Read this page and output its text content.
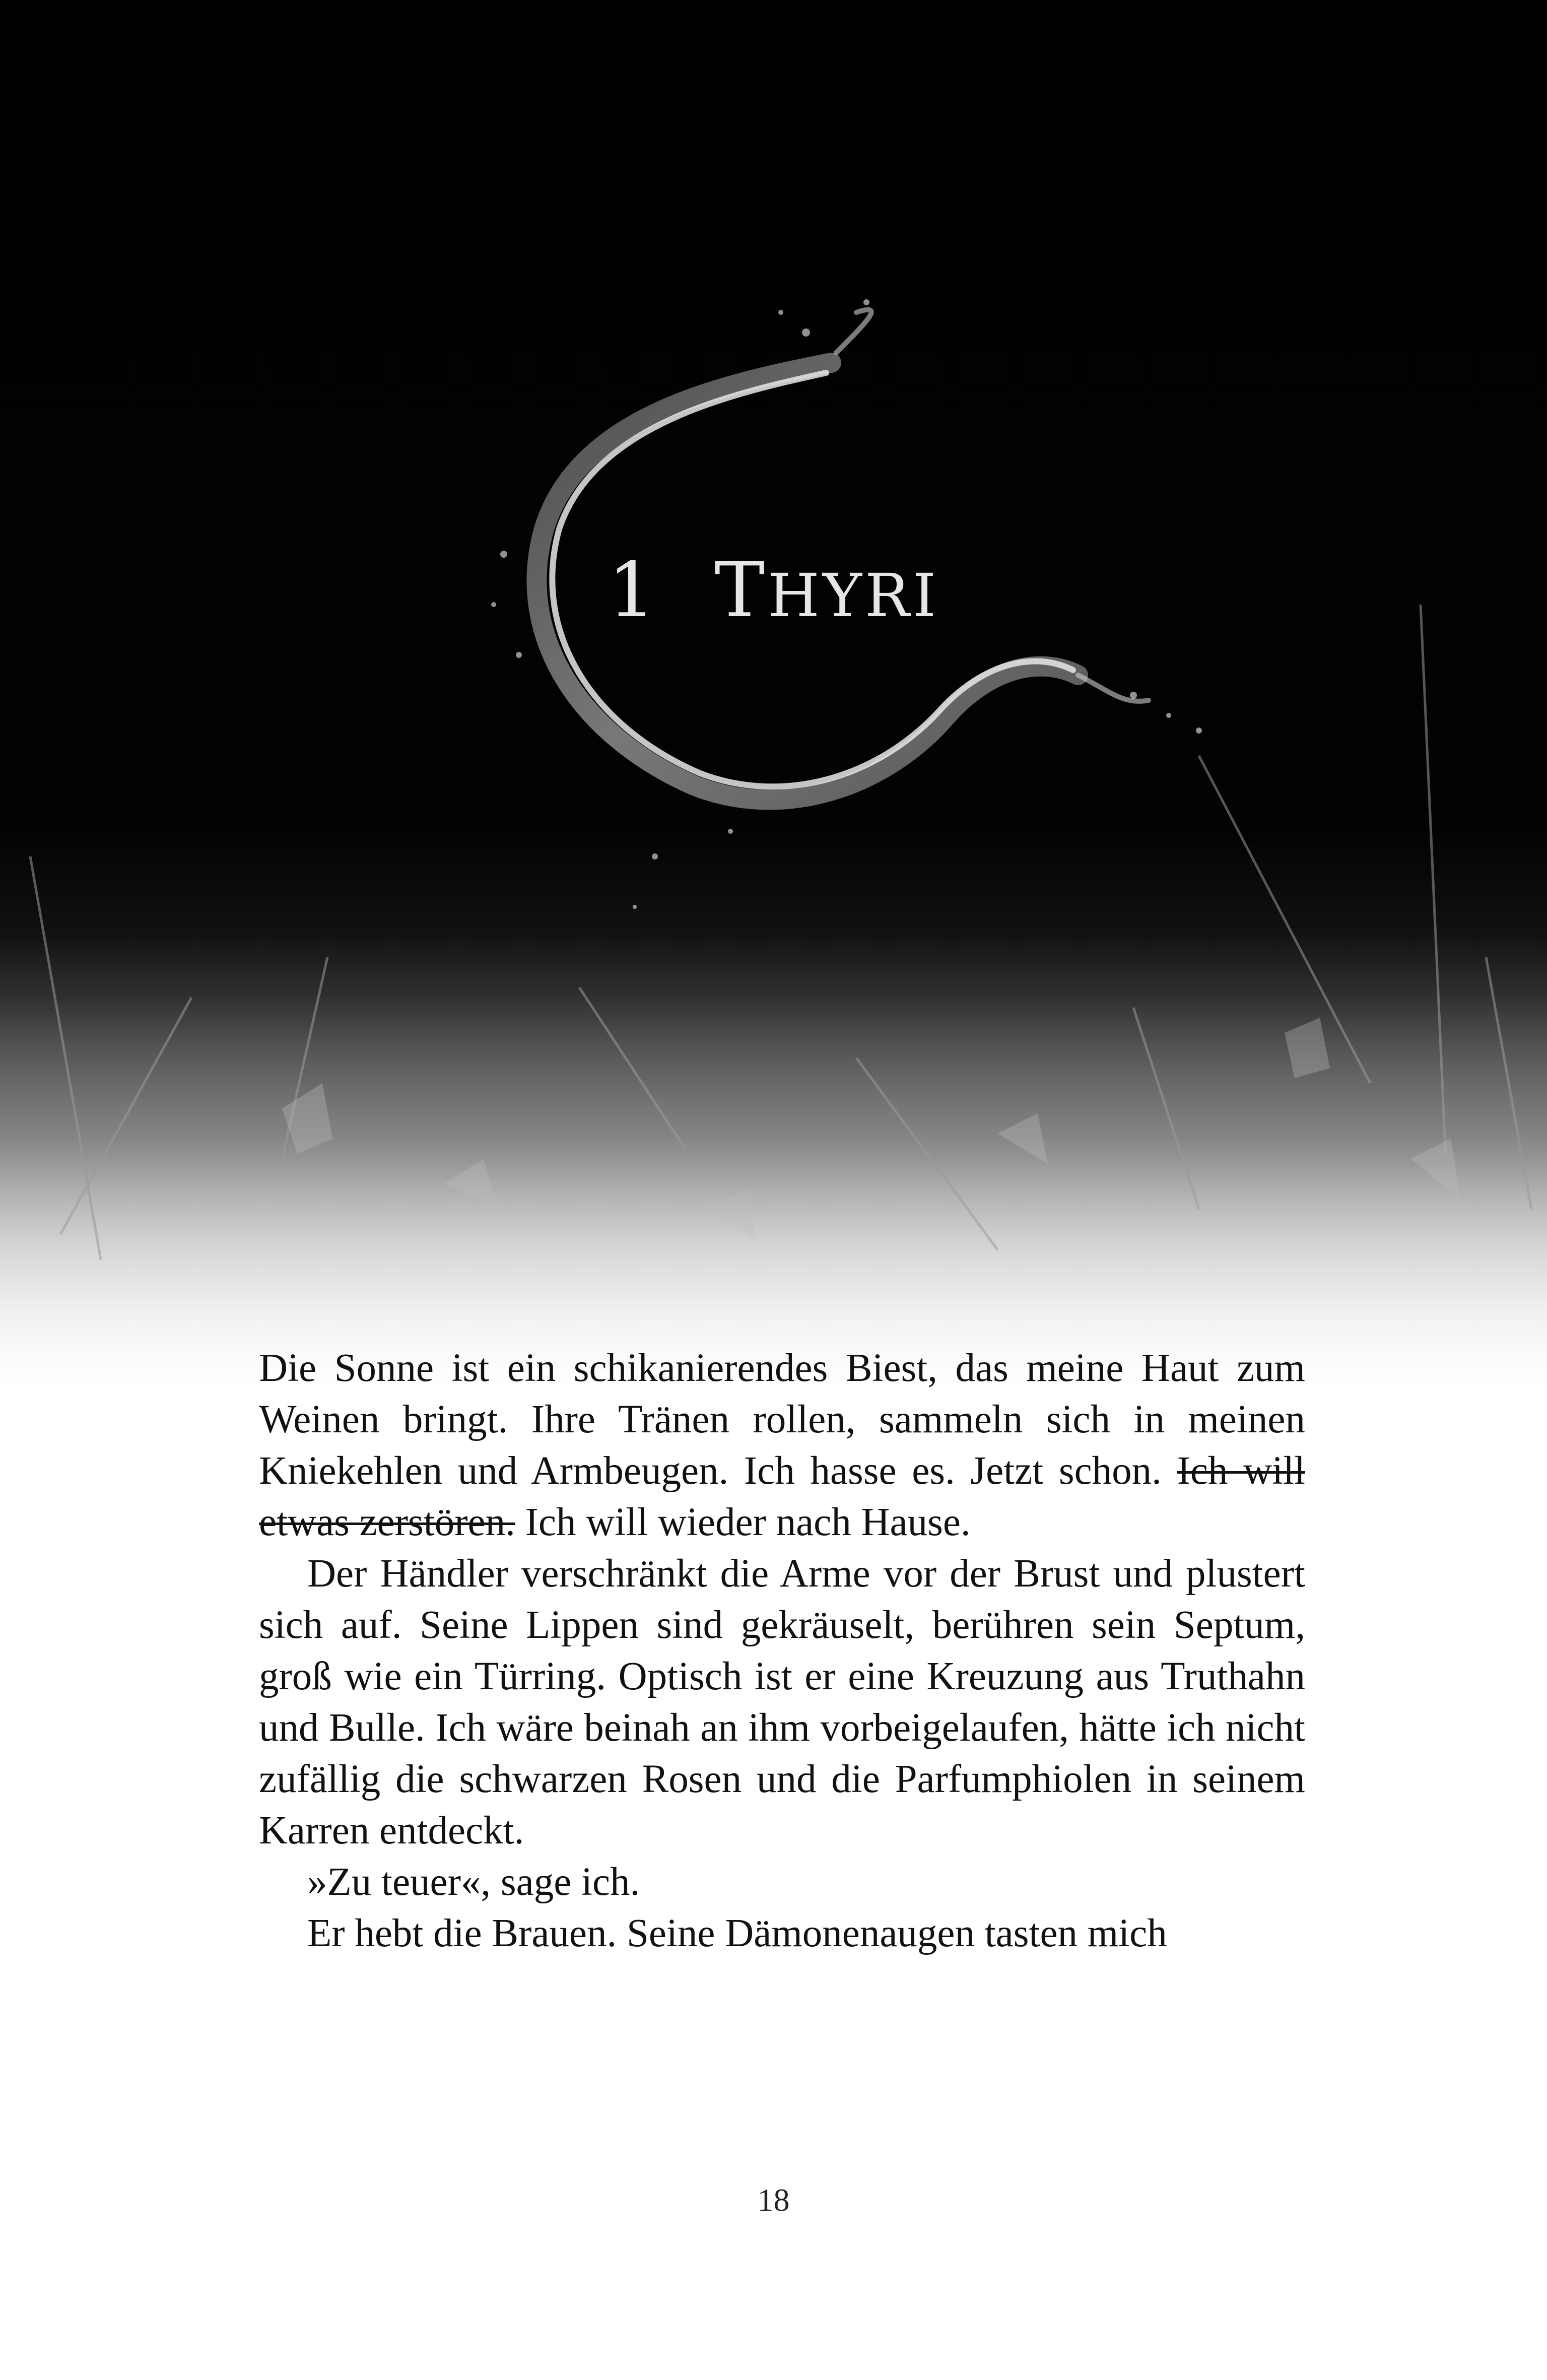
1 THYRI

Die Sonne ist ein schikanierendes Biest, das meine Haut zum Weinen bringt. Ihre Tränen rollen, sammeln sich in meinen Kniekehlen und Armbeugen. Ich hasse es. Jetzt schon. Ich will etwas zerstören. Ich will wieder nach Hause.

Der Händler verschränkt die Arme vor der Brust und plustert sich auf. Seine Lippen sind gekräuselt, berühren sein Septum, groß wie ein Türring. Optisch ist er eine Kreuzung aus Truthahn und Bulle. Ich wäre beinah an ihm vorbeigelaufen, hätte ich nicht zufällig die schwarzen Rosen und die Parfumphiolen in seinem Karren entdeckt.

»Zu teuer«, sage ich.

Er hebt die Brauen. Seine Dämonenaugen tasten mich

18
